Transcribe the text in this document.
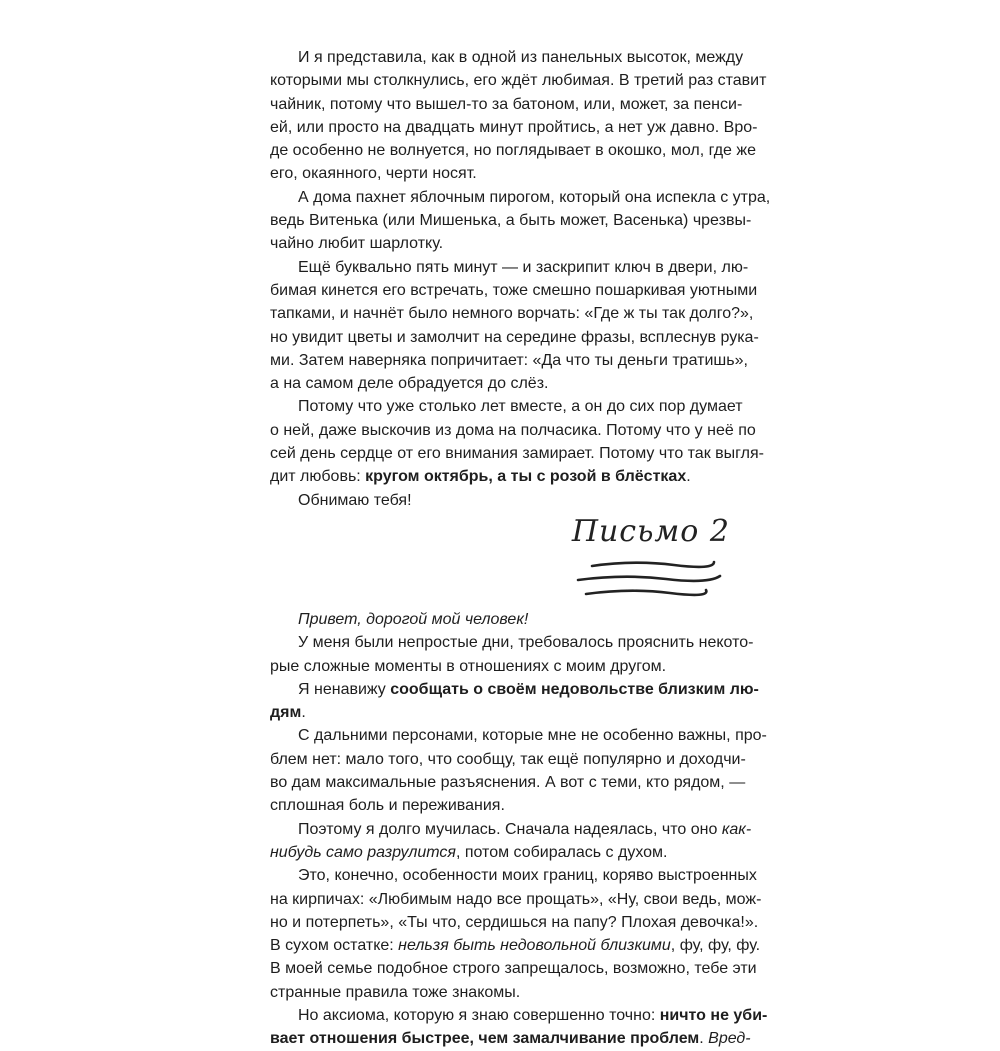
И я представила, как в одной из панельных высоток, между
которыми мы столкнулись, его ждёт любимая. В третий раз ставит
чайник, потому что вышел-то за батоном, или, может, за пенси-
ей, или просто на двадцать минут пройтись, а нет уж давно. Вро-
де особенно не волнуется, но поглядывает в окошко, мол, где же
его, окаянного, черти носят.

А дома пахнет яблочным пирогом, который она испекла с утра,
ведь Витенька (или Мишенька, а быть может, Васенька) чрезвы-
чайно любит шарлотку.

Ещё буквально пять минут — и заскрипит ключ в двери, лю-
бимая кинется его встречать, тоже смешно пошаркивая уютными
тапками, и начнёт было немного ворчать: «Где ж ты так долго?»,
но увидит цветы и замолчит на середине фразы, всплеснув рука-
ми. Затем наверняка попричитает: «Да что ты деньги тратишь»,
а на самом деле обрадуется до слёз.

Потому что уже столько лет вместе, а он до сих пор думает
о ней, даже выскочив из дома на полчасика. Потому что у неё по
сей день сердце от его внимания замирает. Потому что так выгля-
дит любовь: кругом октябрь, а ты с розой в блёстках.

Обнимаю тебя!

Письмо 2

Привет, дорогой мой человек!

У меня были непростые дни, требовалось прояснить некото-
рые сложные моменты в отношениях с моим другом.

Я ненавижу сообщать о своём недовольстве близким лю-
дям.

С дальними персонами, которые мне не особенно важны, про-
блем нет: мало того, что сообщу, так ещё популярно и доходчи-
во дам максимальные разъяснения. А вот с теми, кто рядом, —
сплошная боль и переживания.

Поэтому я долго мучилась. Сначала надеялась, что оно как-
нибудь само разрулится, потом собиралась с духом.

Это, конечно, особенности моих границ, коряво выстроенных
на кирпичах: «Любимым надо все прощать», «Ну, свои ведь, мож-
но и потерпеть», «Ты что, сердишься на папу? Плохая девочка!».
В сухом остатке: нельзя быть недовольной близкими, фу, фу, фу.
В моей семье подобное строго запрещалось, возможно, тебе эти
странные правила тоже знакомы.

Но аксиома, которую я знаю совершенно точно: ничто не уби-
вает отношения быстрее, чем замалчивание проблем. Вред-
